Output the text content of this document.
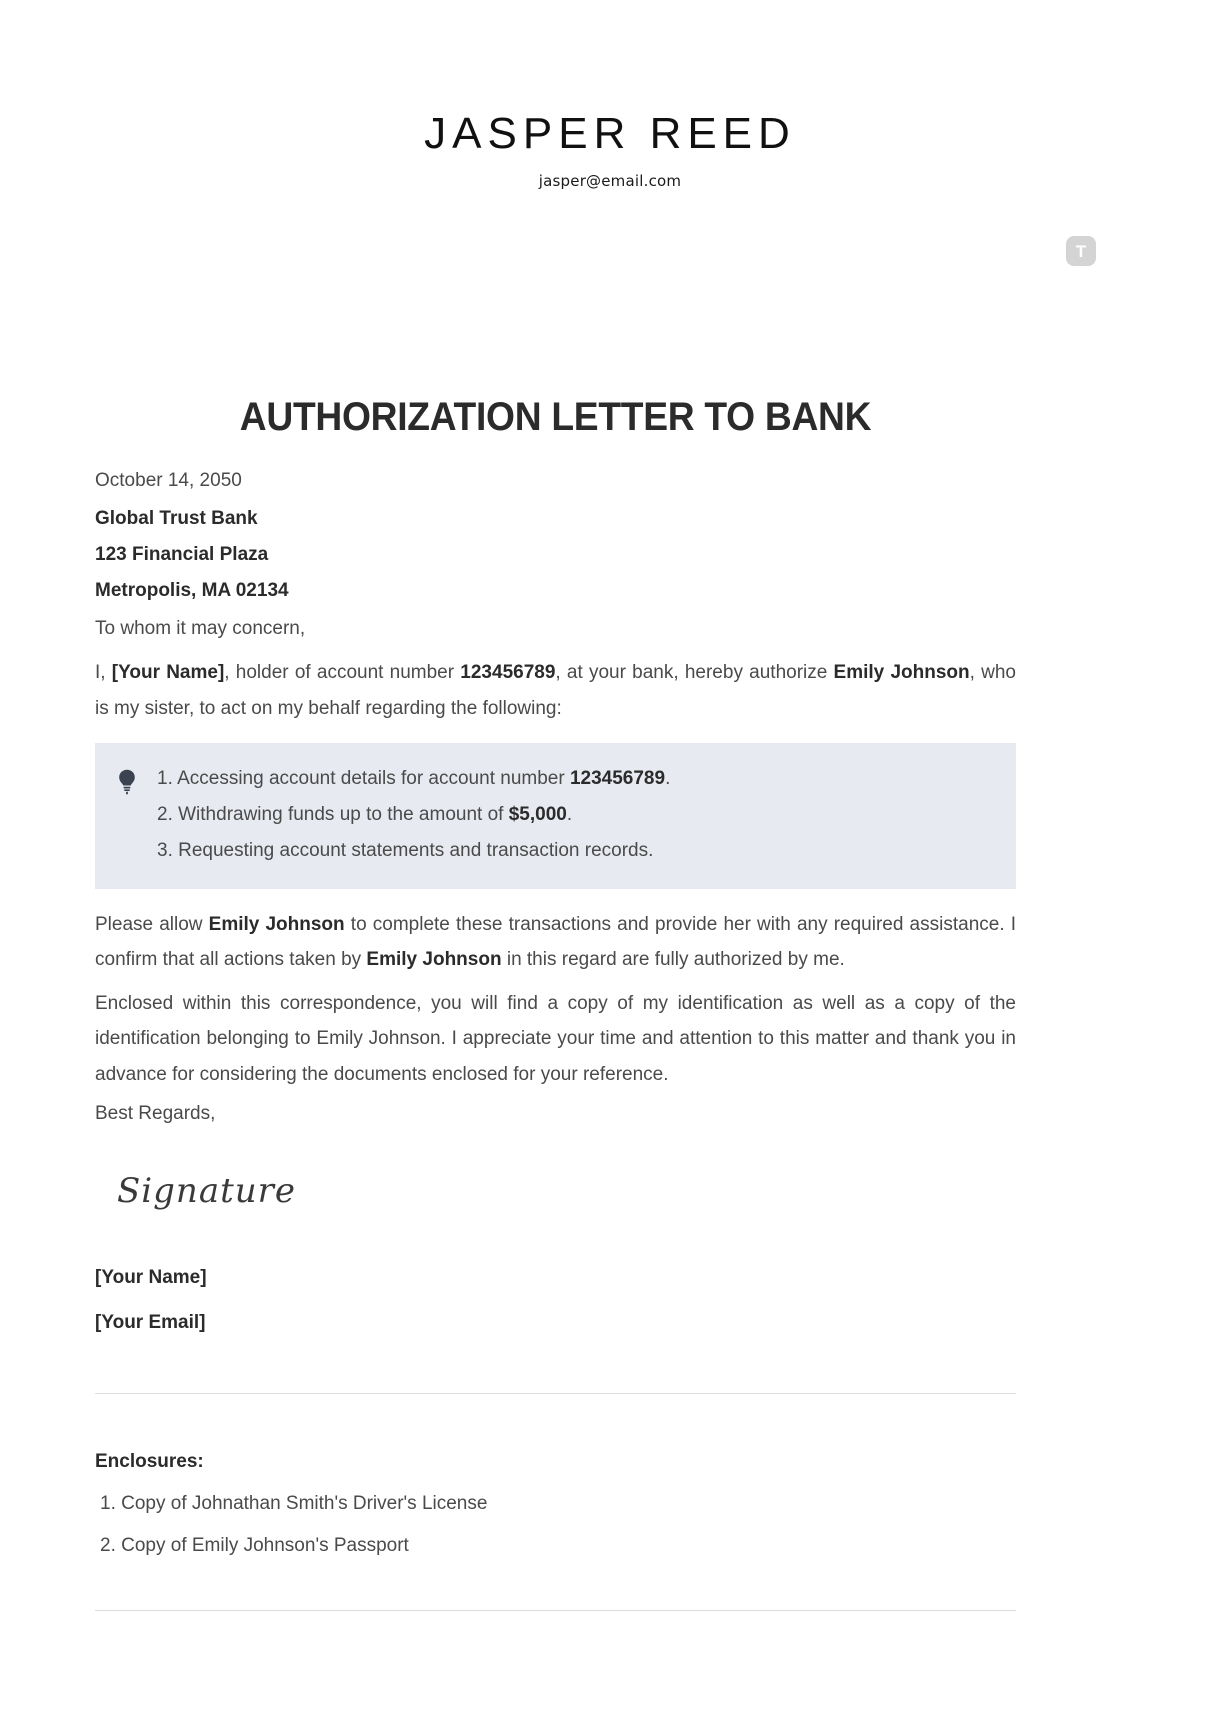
JASPER REED
jasper@email.com
T
AUTHORIZATION LETTER TO BANK
October 14, 2050
Global Trust Bank
123 Financial Plaza
Metropolis, MA 02134
To whom it may concern,

I, [Your Name], holder of account number 123456789, at your bank, hereby authorize Emily Johnson, who is my sister, to act on my behalf regarding the following:

1. Accessing account details for account number 123456789.
2. Withdrawing funds up to the amount of $5,000.
3. Requesting account statements and transaction records.

Please allow Emily Johnson to complete these transactions and provide her with any required assistance. I confirm that all actions taken by Emily Johnson in this regard are fully authorized by me.

Enclosed within this correspondence, you will find a copy of my identification as well as a copy of the identification belonging to Emily Johnson. I appreciate your time and attention to this matter and thank you in advance for considering the documents enclosed for your reference.

Best Regards,
Signature
[Your Name]
[Your Email]
Enclosures:
1. Copy of Johnathan Smith's Driver's License
2. Copy of Emily Johnson's Passport
